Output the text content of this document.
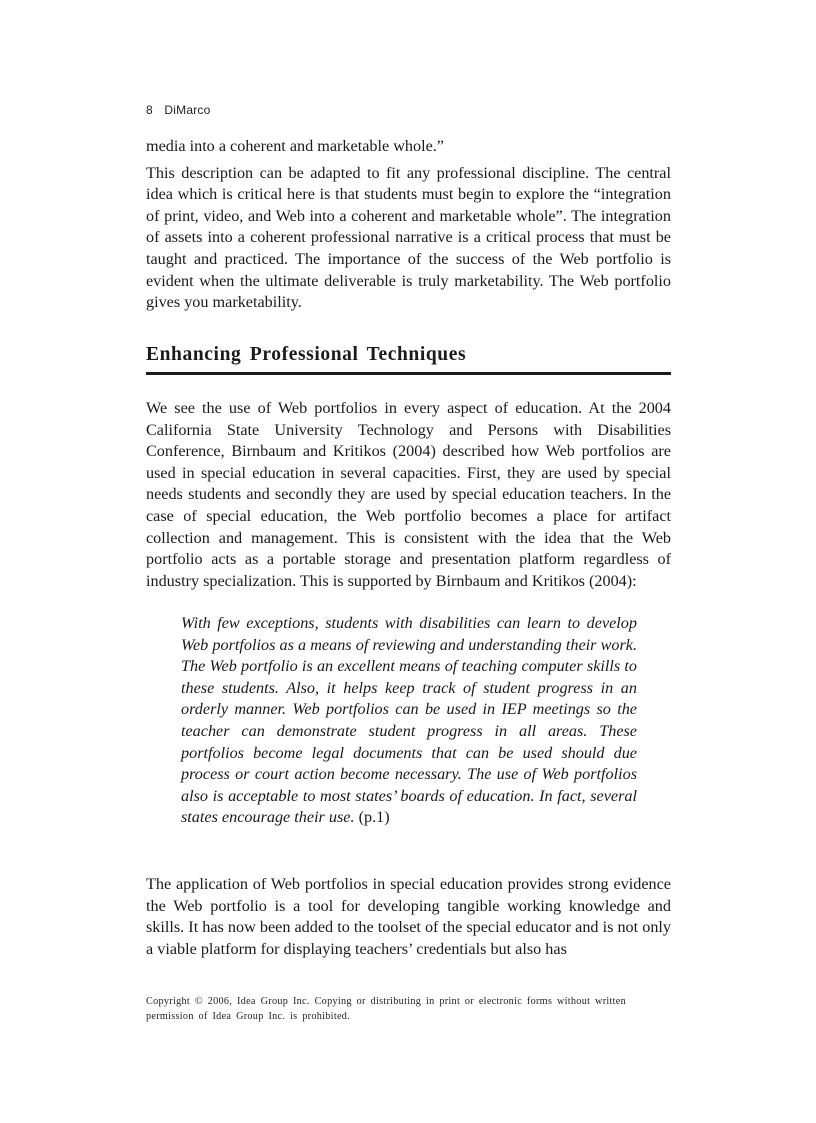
8 DiMarco

media into a coherent and marketable whole.”

This description can be adapted to fit any professional discipline. The central idea which is critical here is that students must begin to explore the “integration of print, video, and Web into a coherent and marketable whole”. The integration of assets into a coherent professional narrative is a critical process that must be taught and practiced. The importance of the success of the Web portfolio is evident when the ultimate deliverable is truly marketability. The Web portfolio gives you marketability.

Enhancing Professional Techniques

We see the use of Web portfolios in every aspect of education. At the 2004 California State University Technology and Persons with Disabilities Conference, Birnbaum and Kritikos (2004) described how Web portfolios are used in special education in several capacities. First, they are used by special needs students and secondly they are used by special education teachers. In the case of special education, the Web portfolio becomes a place for artifact collection and management. This is consistent with the idea that the Web portfolio acts as a portable storage and presentation platform regardless of industry specialization. This is supported by Birnbaum and Kritikos (2004):

With few exceptions, students with disabilities can learn to develop Web portfolios as a means of reviewing and understanding their work. The Web portfolio is an excellent means of teaching computer skills to these students. Also, it helps keep track of student progress in an orderly manner. Web portfolios can be used in IEP meetings so the teacher can demonstrate student progress in all areas. These portfolios become legal documents that can be used should due process or court action become necessary. The use of Web portfolios also is acceptable to most states’ boards of education. In fact, several states encourage their use. (p.1)

The application of Web portfolios in special education provides strong evidence the Web portfolio is a tool for developing tangible working knowledge and skills. It has now been added to the toolset of the special educator and is not only a viable platform for displaying teachers’ credentials but also has

Copyright © 2006, Idea Group Inc. Copying or distributing in print or electronic forms without written permission of Idea Group Inc. is prohibited.
